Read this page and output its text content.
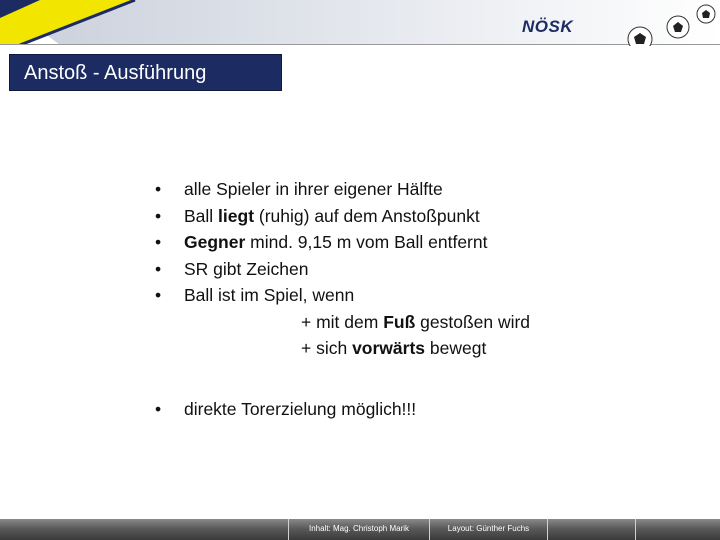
NÖSK
Anstoß - Ausführung
•	alle Spieler in ihrer eigener Hälfte
•	Ball liegt (ruhig) auf dem Anstoßpunkt
•	Gegner mind. 9,15 m vom Ball entfernt
•	SR gibt Zeichen
•	Ball ist im Spiel, wenn
+ mit dem Fuß gestoßen wird
+ sich vorwärts bewegt
•	direkte Torerzielung möglich!!!
Inhalt: Mag. Christoph Marik	Layout: Günther Fuchs
